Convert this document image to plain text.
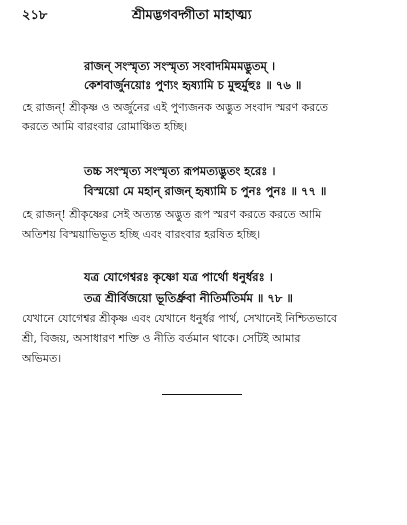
২১৮	শ্রীমদ্ভগবদ্গীতা মাহাত্ম্য
রাজন্ সংস্মৃত্য সংস্মৃত্য সংবাদমিমমদ্ভুতম্ ।
কেশবার্জুনয়োঃ পুণ্যং হৃষ্যামি চ মুহুর্মুহুঃ ॥ ৭৬ ॥
হে রাজন্! শ্রীকৃষ্ণ ও অর্জুনের এই পুণ্যজনক অদ্ভুত সংবাদ স্মরণ করতে
করতে আমি বারংবার রোমাঞ্চিত হচ্ছি।
তচ্চ সংস্মৃত্য সংস্মৃত্য রূপমত্যদ্ভুতং হরেঃ ।
বিস্ময়ো মে মহান্ রাজন্ হৃষ্যামি চ পুনঃ পুনঃ ॥ ৭৭ ॥
হে রাজন্! শ্রীকৃষ্ণের সেই অত্যন্ত অদ্ভুত রূপ স্মরণ করতে করতে আমি
অতিশয় বিস্ময়াভিভূত হচ্ছি এবং বারংবার হরষিত হচ্ছি।
যত্র যোগেশ্বরঃ কৃষ্ণো যত্র পার্থো ধনুর্ধরঃ ।
তত্র শ্রীর্বিজয়ো ভূতির্ধ্রুবা নীতির্মতির্মম ॥ ৭৮ ॥
যেখানে যোগেশ্বর শ্রীকৃষ্ণ এবং যেখানে ধনুর্ধর পার্থ, সেখানেই নিশ্চিতভাবে
শ্রী, বিজয়, অসাধারণ শক্তি ও নীতি বর্তমান থাকে। সেটিই আমার
অভিমত।
